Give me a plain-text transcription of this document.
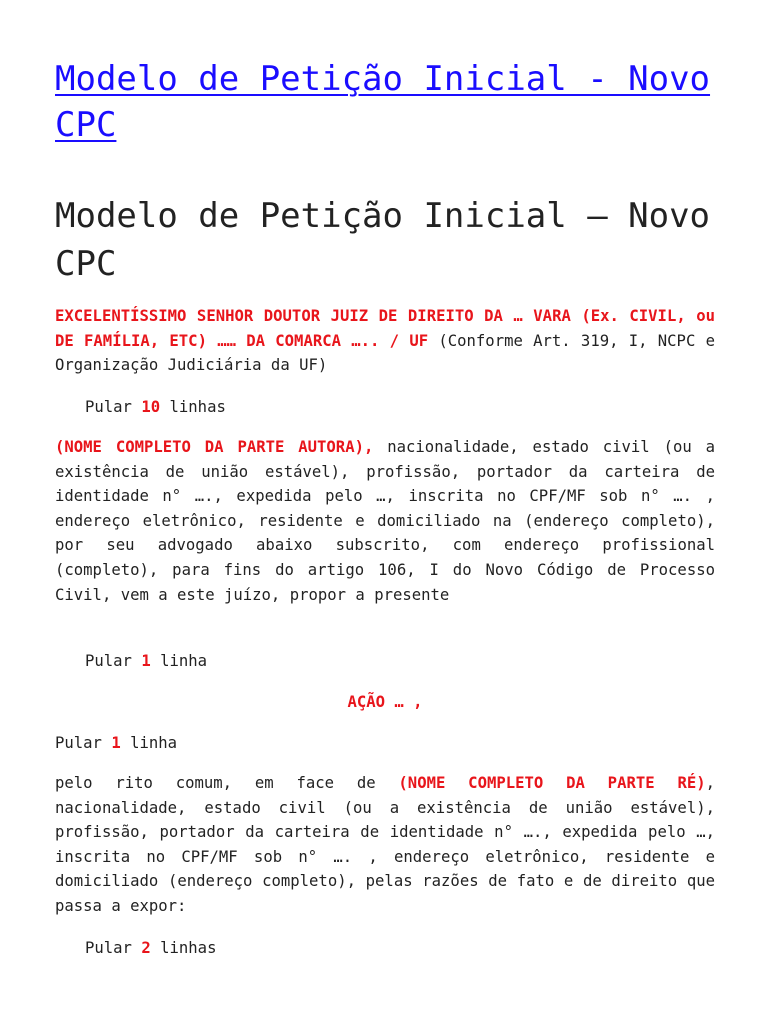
Modelo de Petição Inicial - Novo CPC
Modelo de Petição Inicial – Novo CPC

EXCELENTÍSSIMO SENHOR DOUTOR JUIZ DE DIREITO DA … VARA (Ex. CIVIL, ou DE FAMÍLIA, ETC) …… DA COMARCA ….. / UF (Conforme Art. 319, I, NCPC e Organização Judiciária da UF)

Pular 10 linhas

(NOME COMPLETO DA PARTE AUTORA), nacionalidade, estado civil (ou a existência de união estável), profissão, portador da carteira de identidade n° …., expedida pelo …, inscrita no CPF/MF sob n° …. , endereço eletrônico, residente e domiciliado na (endereço completo), por seu advogado abaixo subscrito, com endereço profissional (completo), para fins do artigo 106, I do Novo Código de Processo Civil, vem a este juízo, propor a presente

Pular 1 linha

AÇÃO … ,

Pular 1 linha

pelo rito comum, em face de (NOME COMPLETO DA PARTE RÉ), nacionalidade, estado civil (ou a existência de união estável), profissão, portador da carteira de identidade n° …., expedida pelo …, inscrita no CPF/MF sob n° …. , endereço eletrônico, residente e domiciliado (endereço completo), pelas razões de fato e de direito que passa a expor:

Pular 2 linhas
